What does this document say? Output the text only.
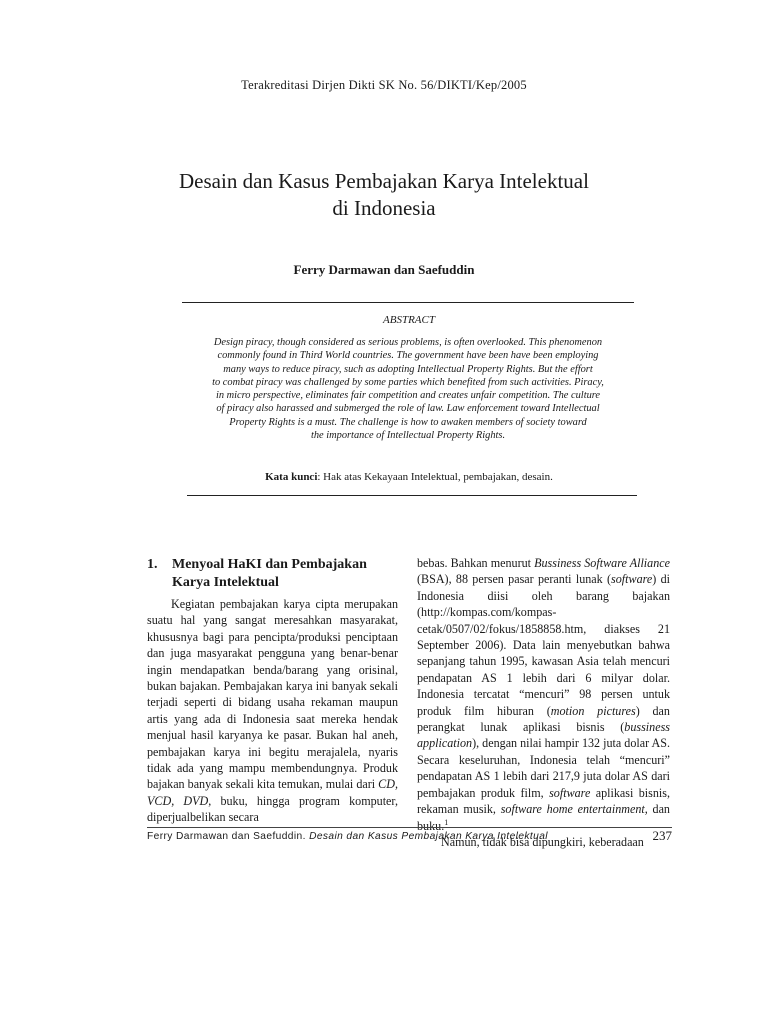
Terakreditasi Dirjen Dikti SK No. 56/DIKTI/Kep/2005
Desain dan Kasus Pembajakan Karya Intelektual
di Indonesia
Ferry Darmawan dan Saefuddin
ABSTRACT
Design piracy, though considered as serious problems, is often overlooked. This phenomenon
commonly found in Third World countries. The government have been have been employing
many ways to reduce piracy, such as adopting Intellectual Property Rights. But the effort
to combat piracy was challenged by some parties which benefited from such activities. Piracy,
in micro perspective, eliminates fair competition and creates unfair competition. The culture
of piracy also harassed and submerged the role of law. Law enforcement toward Intellectual
Property Rights is a must. The challenge is how to awaken members of society toward
the importance of Intellectual Property Rights.
Kata kunci: Hak atas Kekayaan Intelektual, pembajakan, desain.
1.	Menyoal HaKI dan Pembajakan Karya Intelektual

Kegiatan pembajakan karya cipta merupakan suatu hal yang sangat meresahkan masyarakat, khususnya bagi para pencipta/produksi penciptaan dan juga masyarakat pengguna yang benar-benar ingin mendapatkan benda/barang yang orisinal, bukan bajakan. Pembajakan karya ini banyak sekali terjadi seperti di bidang usaha rekaman maupun artis yang ada di Indonesia saat mereka hendak menjual hasil karyanya ke pasar. Bukan hal aneh, pembajakan karya ini begitu merajalela, nyaris tidak ada yang mampu membendungnya. Produk bajakan banyak sekali kita temukan, mulai dari CD, VCD, DVD, buku, hingga program komputer, diperjualbelikan secara

bebas. Bahkan menurut Bussiness Software Alliance (BSA), 88 persen pasar peranti lunak (software) di Indonesia diisi oleh barang bajakan (http://kompas.com/kompas-cetak/0507/02/fokus/1858858.htm, diakses 21 September 2006). Data lain menyebutkan bahwa sepanjang tahun 1995, kawasan Asia telah mencuri pendapatan AS 1 lebih dari 6 milyar dolar. Indonesia tercatat “mencuri” 98 persen untuk produk film hiburan (motion pictures) dan perangkat lunak aplikasi bisnis (bussiness application), dengan nilai hampir 132 juta dolar AS. Secara keseluruhan, Indonesia telah “mencuri” pendapatan AS 1 lebih dari 217,9 juta dolar AS dari pembajakan produk film, software aplikasi bisnis, rekaman musik, software home entertainment, dan buku.$^1$

Namun, tidak bisa dipungkiri, keberadaan

Ferry Darmawan dan Saefuddin. Desain dan Kasus Pembajakan Karya Intelektual	237
